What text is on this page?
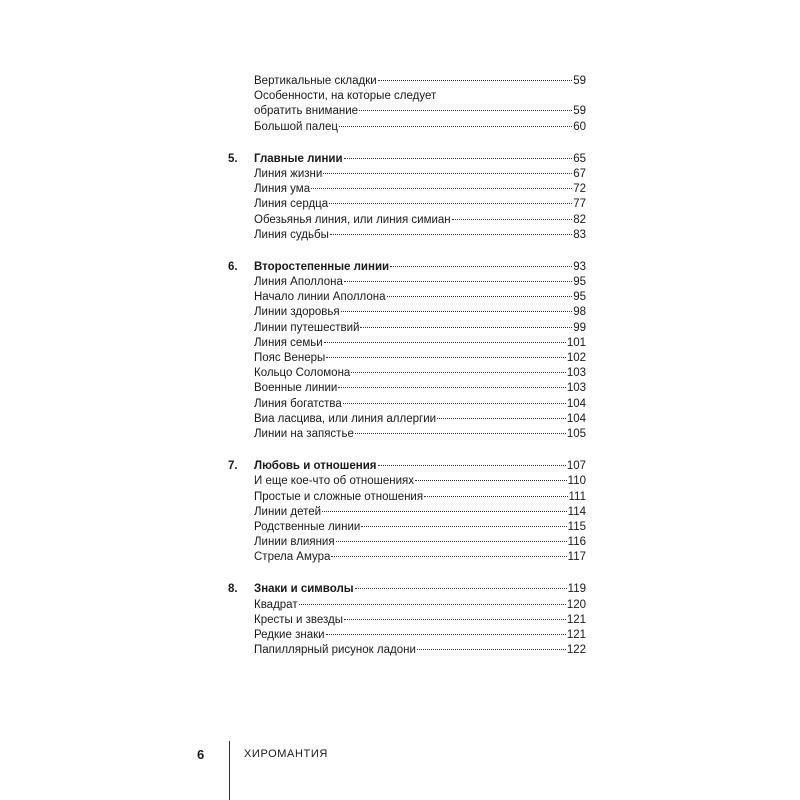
Вертикальные складки	59
Особенности, на которые следует
обратить внимание	59
Большой палец	60
5.	Главные линии	65
Линия жизни	67
Линия ума	72
Линия сердца	77
Обезьянья линия, или линия симиан	82
Линия судьбы	83
6.	Второстепенные линии	93
Линия Аполлона	95
Начало линии Аполлона	95
Линии здоровья	98
Линии путешествий	99
Линия семьи	101
Пояс Венеры	102
Кольцо Соломона	103
Военные линии	103
Линия богатства	104
Виа ласцива, или линия аллергии	104
Линии на запястье	105
7.	Любовь и отношения	107
И еще кое-что об отношениях	110
Простые и сложные отношения	111
Линии детей	114
Родственные линии	115
Линии влияния	116
Стрела Амура	117
8.	Знаки и символы	119
Квадрат	120
Кресты и звезды	121
Редкие знаки	121
Папиллярный рисунок ладони	122
6	ХИРОМАНТИЯ
